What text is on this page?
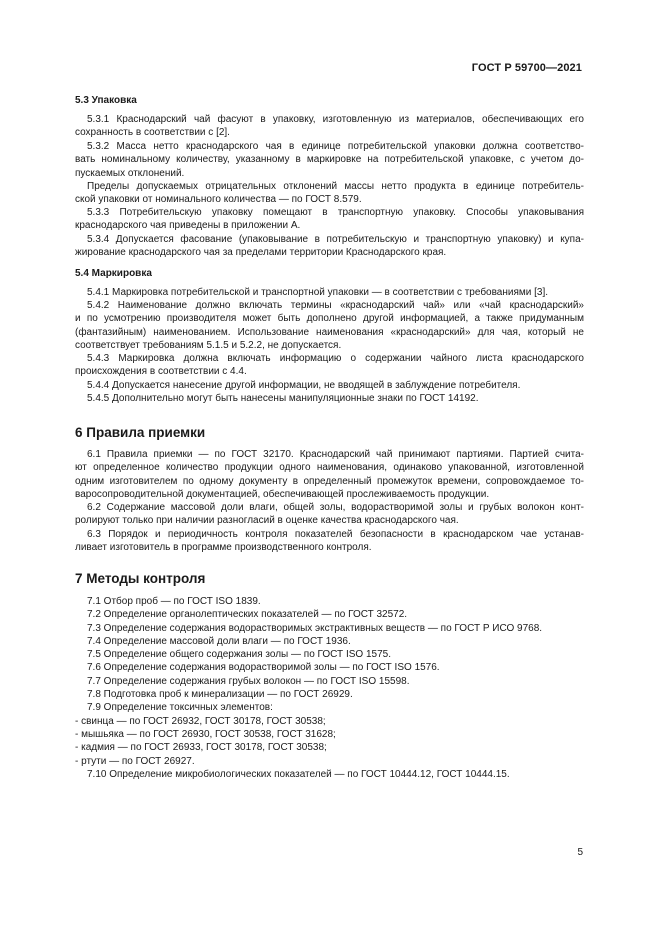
ГОСТ Р 59700—2021
5.3 Упаковка
5.3.1 Краснодарский чай фасуют в упаковку, изготовленную из материалов, обеспечивающих его
сохранность в соответствии с [2].
5.3.2 Масса нетто краснодарского чая в единице потребительской упаковки должна соответство-
вать номинальному количеству, указанному в маркировке на потребительской упаковке, с учетом до-
пускаемых отклонений.
Пределы допускаемых отрицательных отклонений массы нетто продукта в единице потребитель-
ской упаковки от номинального количества — по ГОСТ 8.579.
5.3.3 Потребительскую упаковку помещают в транспортную упаковку. Способы упаковывания
краснодарского чая приведены в приложении А.
5.3.4 Допускается фасование (упаковывание в потребительскую и транспортную упаковку) и купа-
жирование краснодарского чая за пределами территории Краснодарского края.
5.4 Маркировка
5.4.1 Маркировка потребительской и транспортной упаковки — в соответствии с требованиями [3].
5.4.2 Наименование должно включать термины «краснодарский чай» или «чай краснодарский»
и по усмотрению производителя может быть дополнено другой информацией, а также придуманным
(фантазийным) наименованием. Использование наименования «краснодарский» для чая, который не
соответствует требованиям 5.1.5 и 5.2.2, не допускается.
5.4.3 Маркировка должна включать информацию о содержании чайного листа краснодарского
происхождения в соответствии с 4.4.
5.4.4 Допускается нанесение другой информации, не вводящей в заблуждение потребителя.
5.4.5 Дополнительно могут быть нанесены манипуляционные знаки по ГОСТ 14192.
6 Правила приемки
6.1 Правила приемки — по ГОСТ 32170. Краснодарский чай принимают партиями. Партией счита-
ют определенное количество продукции одного наименования, одинаково упакованной, изготовленной
одним изготовителем по одному документу в определенный промежуток времени, сопровождаемое то-
варосопроводительной документацией, обеспечивающей прослеживаемость продукции.
6.2 Содержание массовой доли влаги, общей золы, водорастворимой золы и грубых волокон конт-
ролируют только при наличии разногласий в оценке качества краснодарского чая.
6.3 Порядок и периодичность контроля показателей безопасности в краснодарском чае устанав-
ливает изготовитель в программе производственного контроля.
7 Методы контроля
7.1 Отбор проб — по ГОСТ ISO 1839.
7.2 Определение органолептических показателей — по ГОСТ 32572.
7.3 Определение содержания водорастворимых экстрактивных веществ — по ГОСТ Р ИСО 9768.
7.4 Определение массовой доли влаги — по ГОСТ 1936.
7.5 Определение общего содержания золы — по ГОСТ ISO 1575.
7.6 Определение содержания водорастворимой золы — по ГОСТ ISO 1576.
7.7 Определение содержания грубых волокон — по ГОСТ ISO 15598.
7.8 Подготовка проб к минерализации — по ГОСТ 26929.
7.9 Определение токсичных элементов:
- свинца — по ГОСТ 26932, ГОСТ 30178, ГОСТ 30538;
- мышьяка — по ГОСТ 26930, ГОСТ 30538, ГОСТ 31628;
- кадмия — по ГОСТ 26933, ГОСТ 30178, ГОСТ 30538;
- ртути — по ГОСТ 26927.
7.10 Определение микробиологических показателей — по ГОСТ 10444.12, ГОСТ 10444.15.
5
